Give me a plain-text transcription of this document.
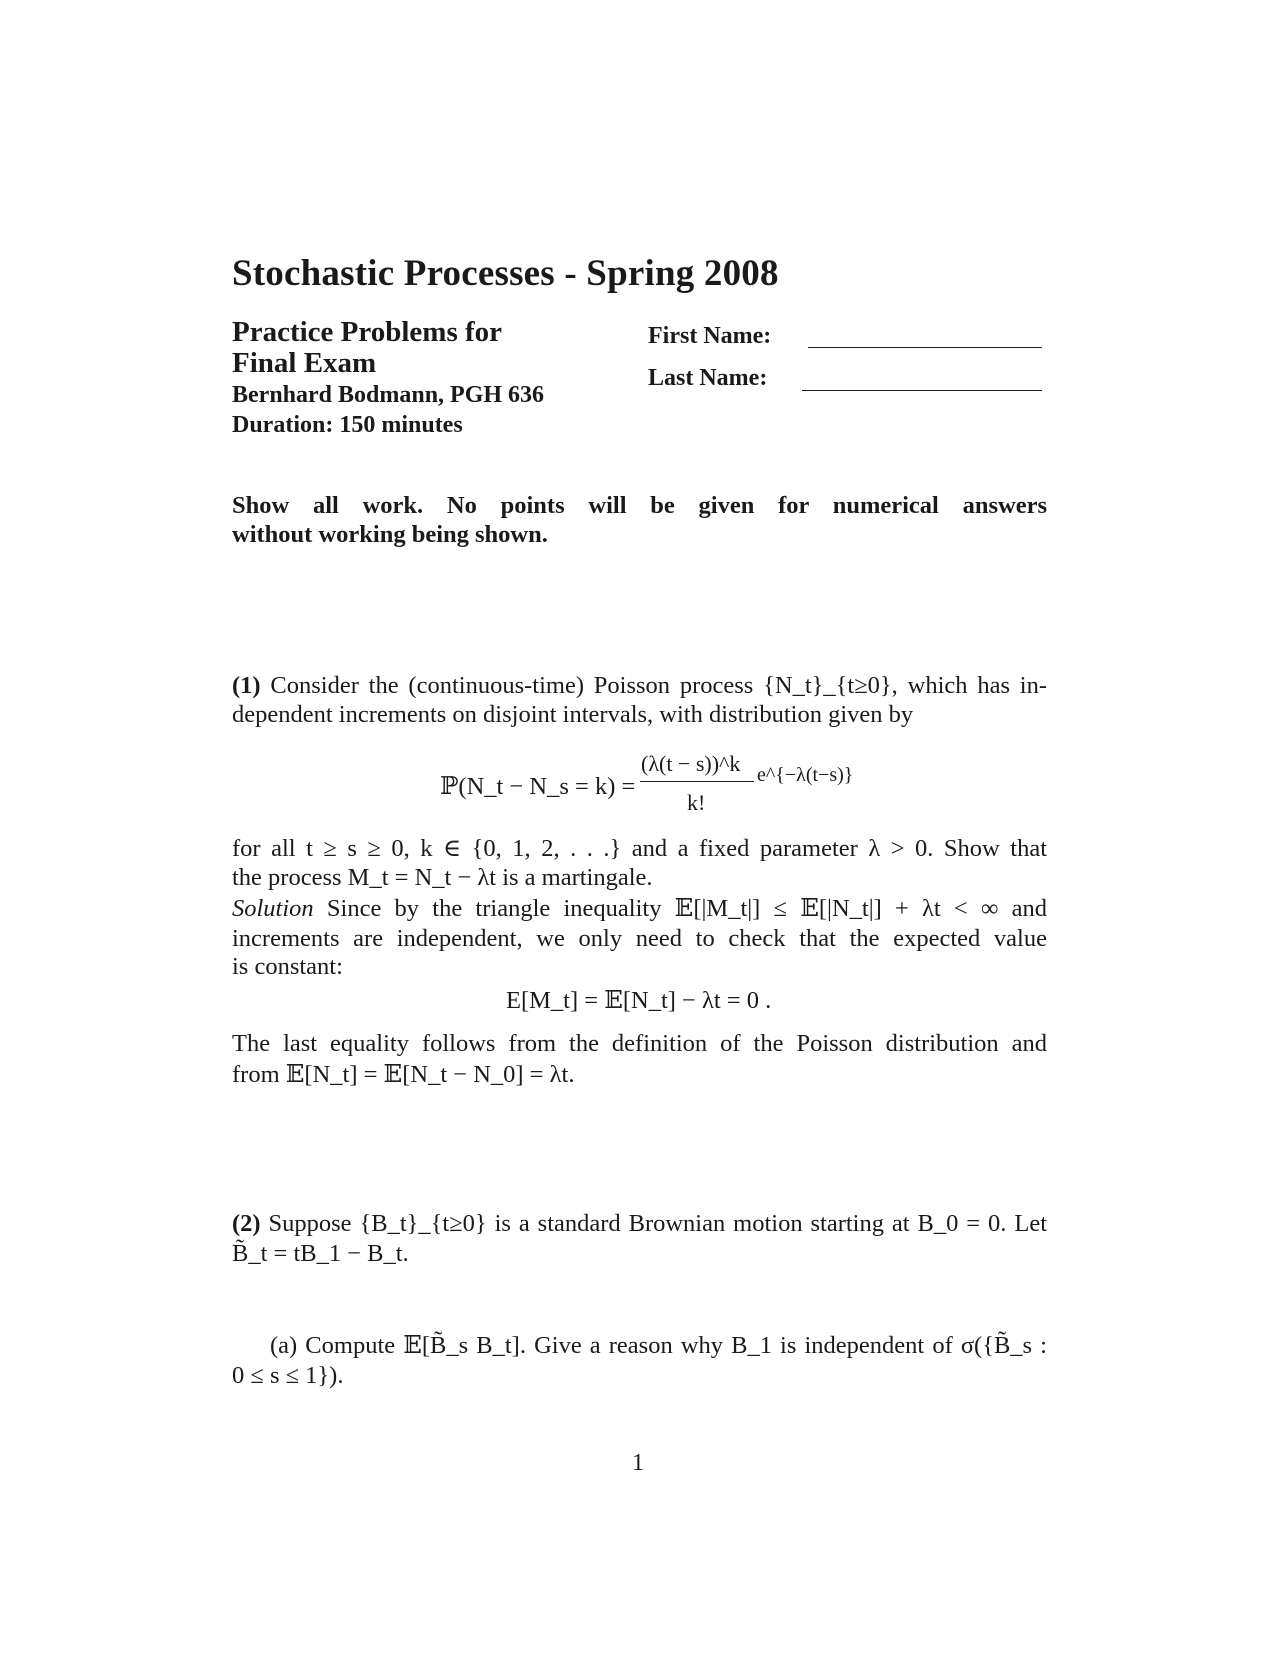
Stochastic Processes - Spring 2008
Practice Problems for
Final Exam
Bernhard Bodmann, PGH 636
Duration: 150 minutes
First Name:
Last Name:
Show all work. No points will be given for numerical answers
without working being shown.
(1) Consider the (continuous-time) Poisson process {N_t}_{t≥0}, which has in-
dependent increments on disjoint intervals, with distribution given by
ℙ(N_t − N_s = k) =
(λ(t − s))^k
k!
e^{−λ(t−s)}
for all t ≥ s ≥ 0, k ∈ {0, 1, 2, . . .} and a fixed parameter λ > 0. Show that
the process M_t = N_t − λt is a martingale.
Solution Since by the triangle inequality 𝔼[|M_t|] ≤ 𝔼[|N_t|] + λt < ∞ and
increments are independent, we only need to check that the expected value
is constant:
E[M_t] = 𝔼[N_t] − λt = 0 .
The last equality follows from the definition of the Poisson distribution and
from 𝔼[N_t] = 𝔼[N_t − N_0] = λt.
(2) Suppose {B_t}_{t≥0} is a standard Brownian motion starting at B_0 = 0. Let
B̃_t = tB_1 − B_t.
(a) Compute 𝔼[B̃_s B_t]. Give a reason why B_1 is independent of σ({B̃_s :
0 ≤ s ≤ 1}).
1
